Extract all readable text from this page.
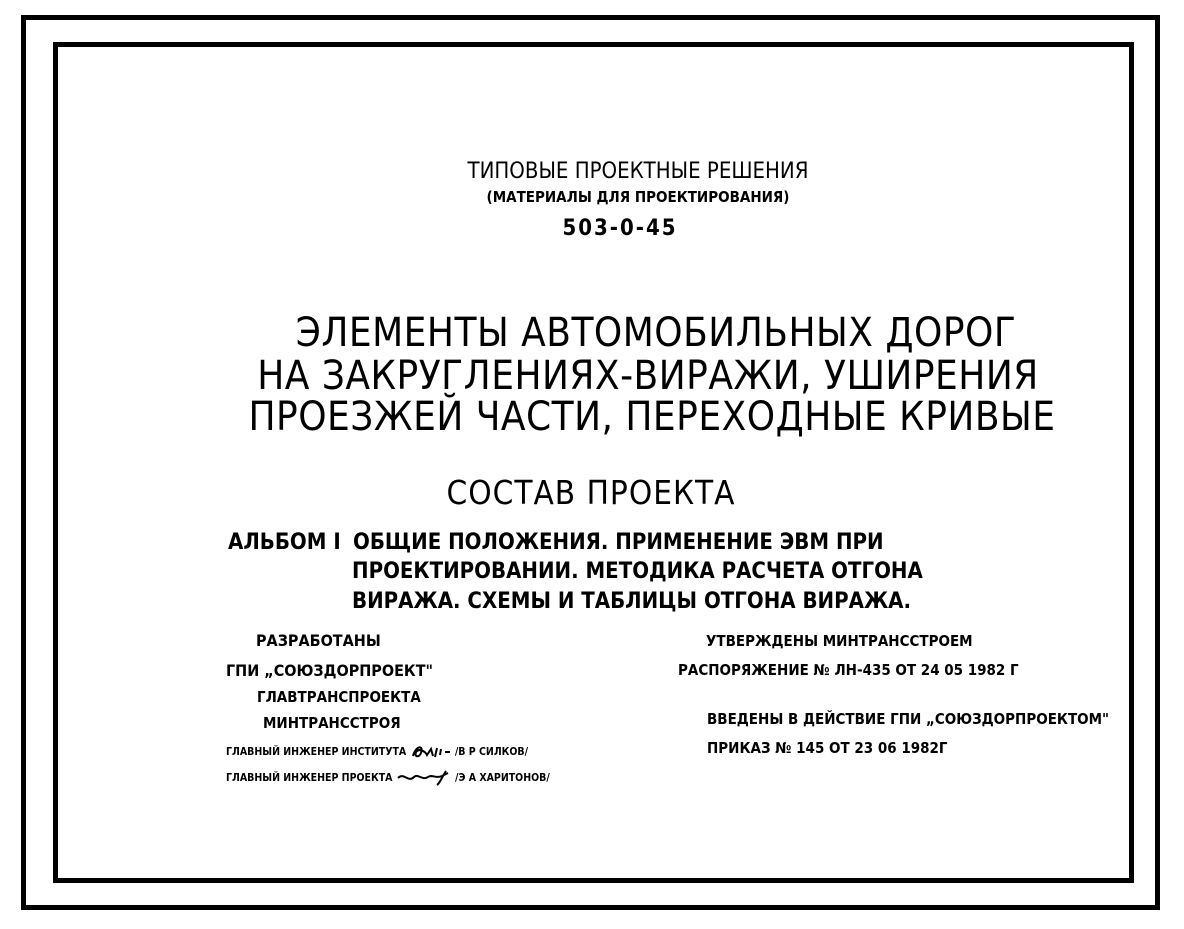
ТИПОВЫЕ ПРОЕКТНЫЕ РЕШЕНИЯ
(МАТЕРИАЛЫ ДЛЯ ПРОЕКТИРОВАНИЯ)
503-0-45
ЭЛЕМЕНТЫ АВТОМОБИЛЬНЫХ ДОРОГ
НА ЗАКРУГЛЕНИЯХ-ВИРАЖИ, УШИРЕНИЯ
ПРОЕЗЖЕЙ ЧАСТИ, ПЕРЕХОДНЫЕ КРИВЫЕ
СОСТАВ ПРОЕКТА
АЛЬБОМ I ОБЩИЕ ПОЛОЖЕНИЯ. ПРИМЕНЕНИЕ ЭВМ ПРИ
ПРОЕКТИРОВАНИИ. МЕТОДИКА РАСЧЕТА ОТГОНА
ВИРАЖА. СХЕМЫ И ТАБЛИЦЫ ОТГОНА ВИРАЖА.
РАЗРАБОТАНЫ
ГПИ „СОЮЗДОРПРОЕКТ"
ГЛАВТРАНСПРОЕКТА
МИНТРАНССТРОЯ
ГЛАВНЫЙ ИНЖЕНЕР ИНСТИТУТА	/В Р СИЛКОВ/
ГЛАВНЫЙ ИНЖЕНЕР ПРОЕКТА	/Э А ХАРИТОНОВ/
УТВЕРЖДЕНЫ МИНТРАНССТРОЕМ
РАСПОРЯЖЕНИЕ № ЛН-435 ОТ 24 05 1982 Г
ВВЕДЕНЫ В ДЕЙСТВИЕ ГПИ „СОЮЗДОРПРОЕКТОМ"
ПРИКАЗ № 145 ОТ 23 06 1982Г
